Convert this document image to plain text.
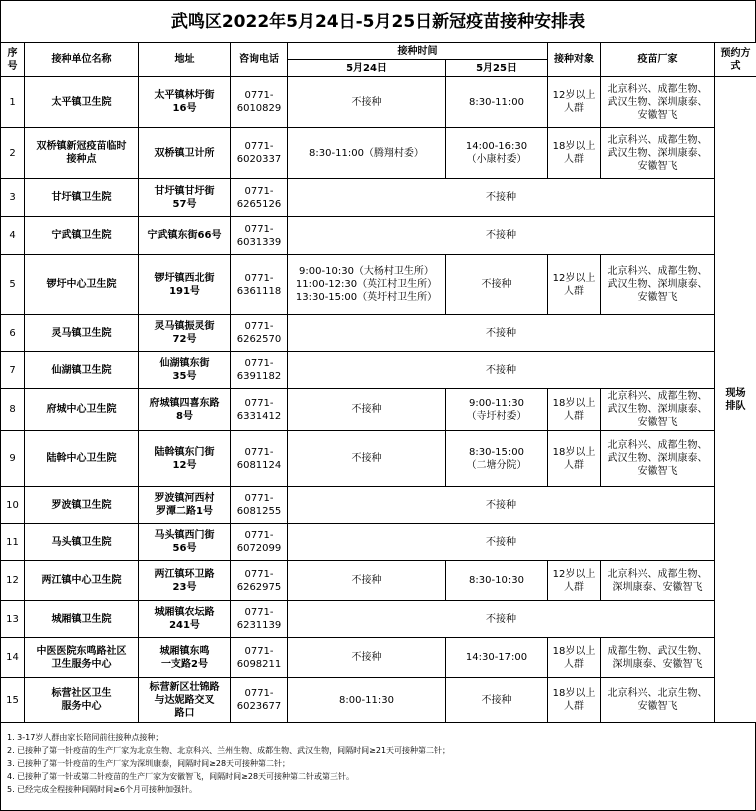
武鸣区2022年5月24日-5月25日新冠疫苗接种安排表
序号	接种单位名称	地址	咨询电话	接种时间		接种对象	疫苗厂家	预约方式
				5月24日	5月25日			
1	太平镇卫生院	太平镇林圩街
16号	0771-
6010829	不接种	8:30-11:00	12岁以上
人群	北京科兴、成都生物、
武汉生物、深圳康泰、
安徽智飞	现场
排队
2	双桥镇新冠疫苗临时
接种点	双桥镇卫计所	0771-
6020337	8:30-11:00（腾翔村委）	14:00-16:30
（小康村委）	18岁以上
人群	北京科兴、成都生物、
武汉生物、深圳康泰、
安徽智飞	
3	甘圩镇卫生院	甘圩镇甘圩街
57号	0771-
6265126	不接种				
4	宁武镇卫生院	宁武镇东街66号	0771-
6031339	不接种				
5	锣圩中心卫生院	锣圩镇西北街
191号	0771-
6361118	9:00-10:30（大杨村卫生所）
11:00-12:30（英江村卫生所）
13:30-15:00（英圩村卫生所）	不接种	12岁以上
人群	北京科兴、成都生物、
武汉生物、深圳康泰、
安徽智飞	
6	灵马镇卫生院	灵马镇振灵街
72号	0771-
6262570	不接种				
7	仙湖镇卫生院	仙湖镇东街
35号	0771-
6391182	不接种				
8	府城中心卫生院	府城镇四喜东路
8号	0771-
6331412	不接种	9:00-11:30
（寺圩村委）	18岁以上
人群	北京科兴、成都生物、
武汉生物、深圳康泰、
安徽智飞	
9	陆斡中心卫生院	陆斡镇东门街
12号	0771-
6081124	不接种	8:30-15:00
（二塘分院）	18岁以上
人群	北京科兴、成都生物、
武汉生物、深圳康泰、
安徽智飞	
10	罗波镇卫生院	罗波镇河西村
罗潭二路1号	0771-
6081255	不接种				
11	马头镇卫生院	马头镇西门街
56号	0771-
6072099	不接种				
12	两江镇中心卫生院	两江镇环卫路
23号	0771-
6262975	不接种	8:30-10:30	12岁以上
人群	北京科兴、成都生物、
深圳康泰、安徽智飞	
13	城厢镇卫生院	城厢镇农坛路
241号	0771-
6231139	不接种				
14	中医医院东鸣路社区
卫生服务中心	城厢镇东鸣
一支路2号	0771-
6098211	不接种	14:30-17:00	18岁以上
人群	成都生物、武汉生物、
深圳康泰、安徽智飞	
15	标营社区卫生
服务中心	标营新区壮锦路
与达妮路交叉
路口	0771-
6023677	8:00-11:30	不接种	18岁以上
人群	北京科兴、北京生物、
安徽智飞	
1. 3-17岁人群由家长陪同前往接种点接种；
2. 已接种了第一针疫苗的生产厂家为北京生物、北京科兴、兰州生物、成都生物、武汉生物，间隔时间≥21天可接种第二针；
3. 已接种了第一针疫苗的生产厂家为深圳康泰，间隔时间≥28天可接种第二针；
4. 已接种了第一针或第二针疫苗的生产厂家为安徽智飞，间隔时间≥28天可接种第二针或第三针。
5. 已经完成全程接种间隔时间≥6个月可接种加强针。
